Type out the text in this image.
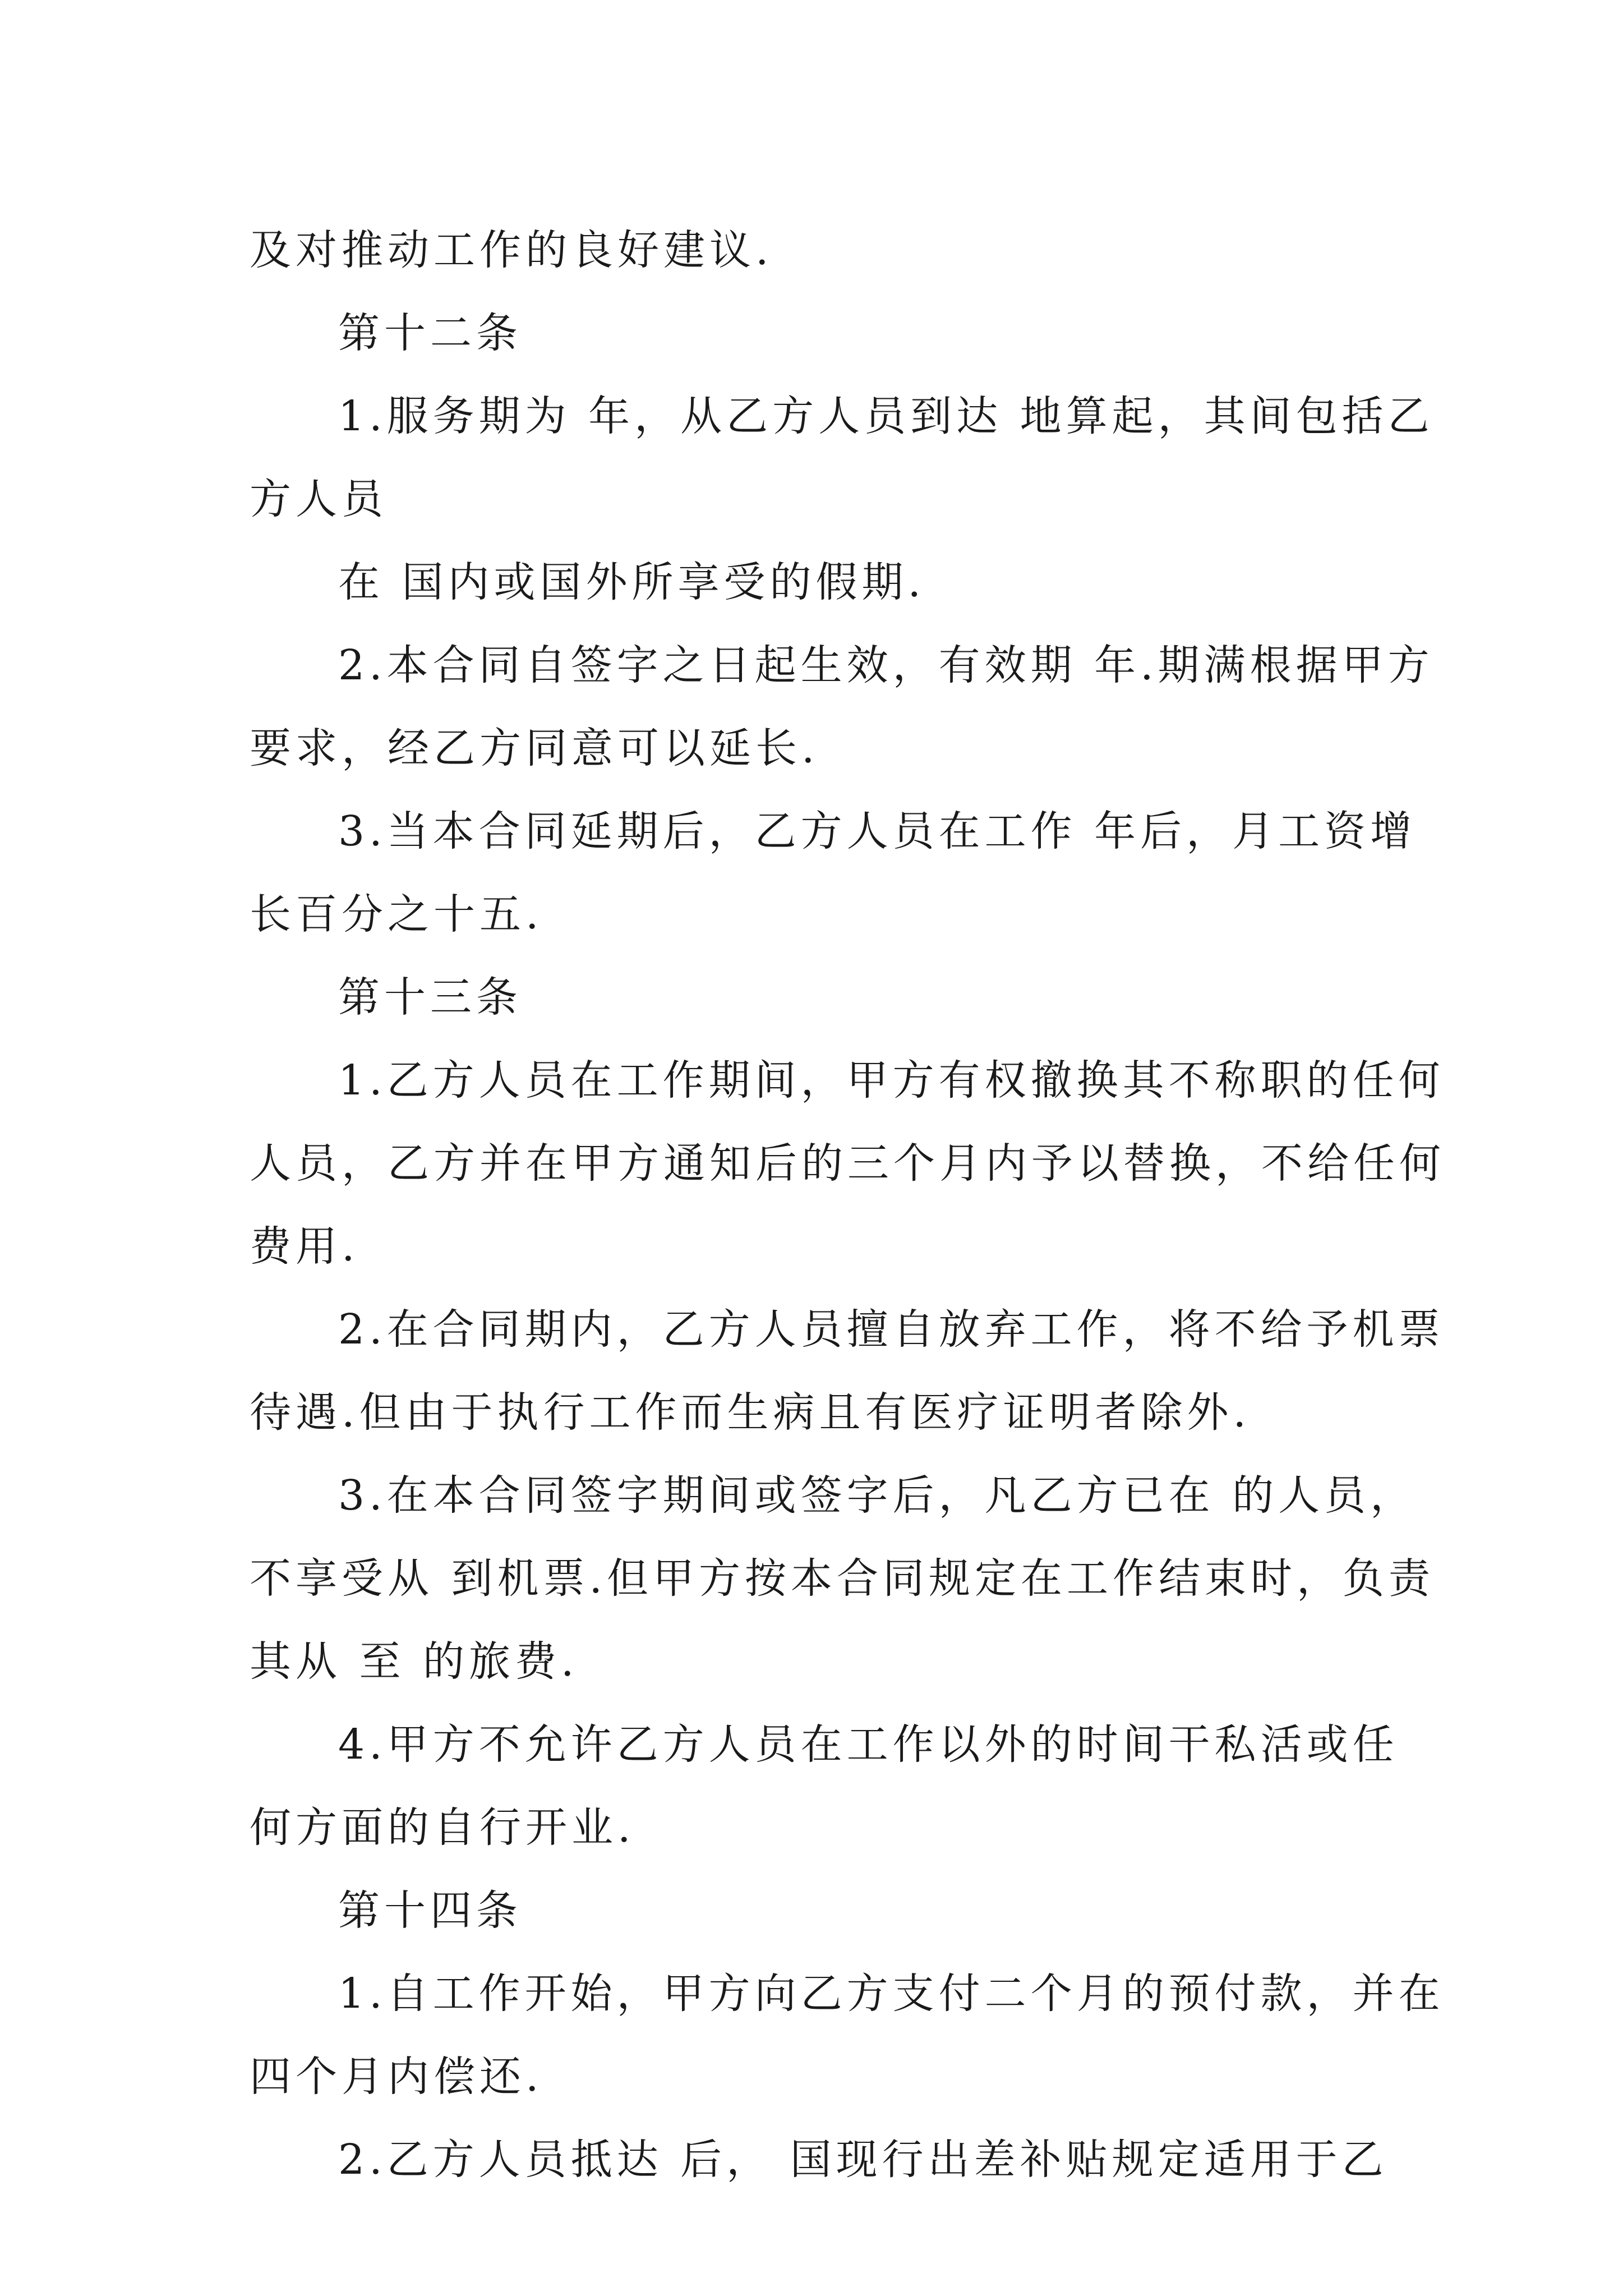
及对推动工作的良好建议.
第十二条
1.服务期为 年，从乙方人员到达 地算起，其间包括乙
方人员
在 国内或国外所享受的假期.
2.本合同自签字之日起生效，有效期 年.期满根据甲方
要求，经乙方同意可以延长.
3.当本合同延期后，乙方人员在工作 年后，月工资增
长百分之十五.
第十三条
1.乙方人员在工作期间，甲方有权撤换其不称职的任何
人员，乙方并在甲方通知后的三个月内予以替换，不给任何
费用.
2.在合同期内，乙方人员擅自放弃工作，将不给予机票
待遇.但由于执行工作而生病且有医疗证明者除外.
3.在本合同签字期间或签字后，凡乙方已在 的人员，
不享受从 到机票.但甲方按本合同规定在工作结束时，负责
其从 至 的旅费.
4.甲方不允许乙方人员在工作以外的时间干私活或任
何方面的自行开业.
第十四条
1.自工作开始，甲方向乙方支付二个月的预付款，并在
四个月内偿还.
2.乙方人员抵达 后， 国现行出差补贴规定适用于乙
